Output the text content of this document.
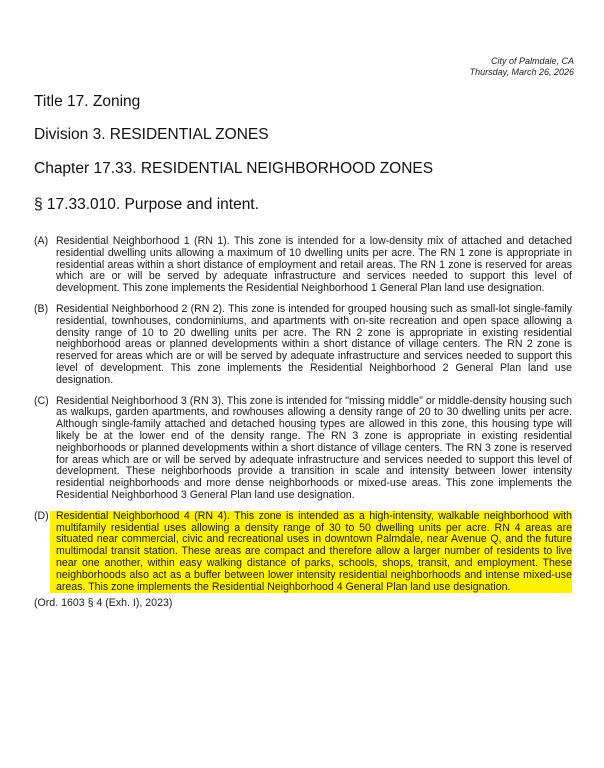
City of Palmdale, CA
Thursday, March 26, 2026
Title 17. Zoning
Division 3. RESIDENTIAL ZONES
Chapter 17.33. RESIDENTIAL NEIGHBORHOOD ZONES
§ 17.33.010. Purpose and intent.
(A) Residential Neighborhood 1 (RN 1). This zone is intended for a low-density mix of attached and detached residential dwelling units allowing a maximum of 10 dwelling units per acre. The RN 1 zone is appropriate in residential areas within a short distance of employment and retail areas. The RN 1 zone is reserved for areas which are or will be served by adequate infrastructure and services needed to support this level of development. This zone implements the Residential Neighborhood 1 General Plan land use designation.
(B) Residential Neighborhood 2 (RN 2). This zone is intended for grouped housing such as small-lot single-family residential, townhouses, condominiums, and apartments with on-site recreation and open space allowing a density range of 10 to 20 dwelling units per acre. The RN 2 zone is appropriate in existing residential neighborhood areas or planned developments within a short distance of village centers. The RN 2 zone is reserved for areas which are or will be served by adequate infrastructure and services needed to support this level of development. This zone implements the Residential Neighborhood 2 General Plan land use designation.
(C) Residential Neighborhood 3 (RN 3). This zone is intended for "missing middle" or middle-density housing such as walkups, garden apartments, and rowhouses allowing a density range of 20 to 30 dwelling units per acre. Although single-family attached and detached housing types are allowed in this zone, this housing type will likely be at the lower end of the density range. The RN 3 zone is appropriate in existing residential neighborhoods or planned developments within a short distance of village centers. The RN 3 zone is reserved for areas which are or will be served by adequate infrastructure and services needed to support this level of development. These neighborhoods provide a transition in scale and intensity between lower intensity residential neighborhoods and more dense neighborhoods or mixed-use areas. This zone implements the Residential Neighborhood 3 General Plan land use designation.
(D) Residential Neighborhood 4 (RN 4). This zone is intended as a high-intensity, walkable neighborhood with multifamily residential uses allowing a density range of 30 to 50 dwelling units per acre. RN 4 areas are situated near commercial, civic and recreational uses in downtown Palmdale, near Avenue Q, and the future multimodal transit station. These areas are compact and therefore allow a larger number of residents to live near one another, within easy walking distance of parks, schools, shops, transit, and employment. These neighborhoods also act as a buffer between lower intensity residential neighborhoods and intense mixed-use areas. This zone implements the Residential Neighborhood 4 General Plan land use designation.
(Ord. 1603 § 4 (Exh. I), 2023)
